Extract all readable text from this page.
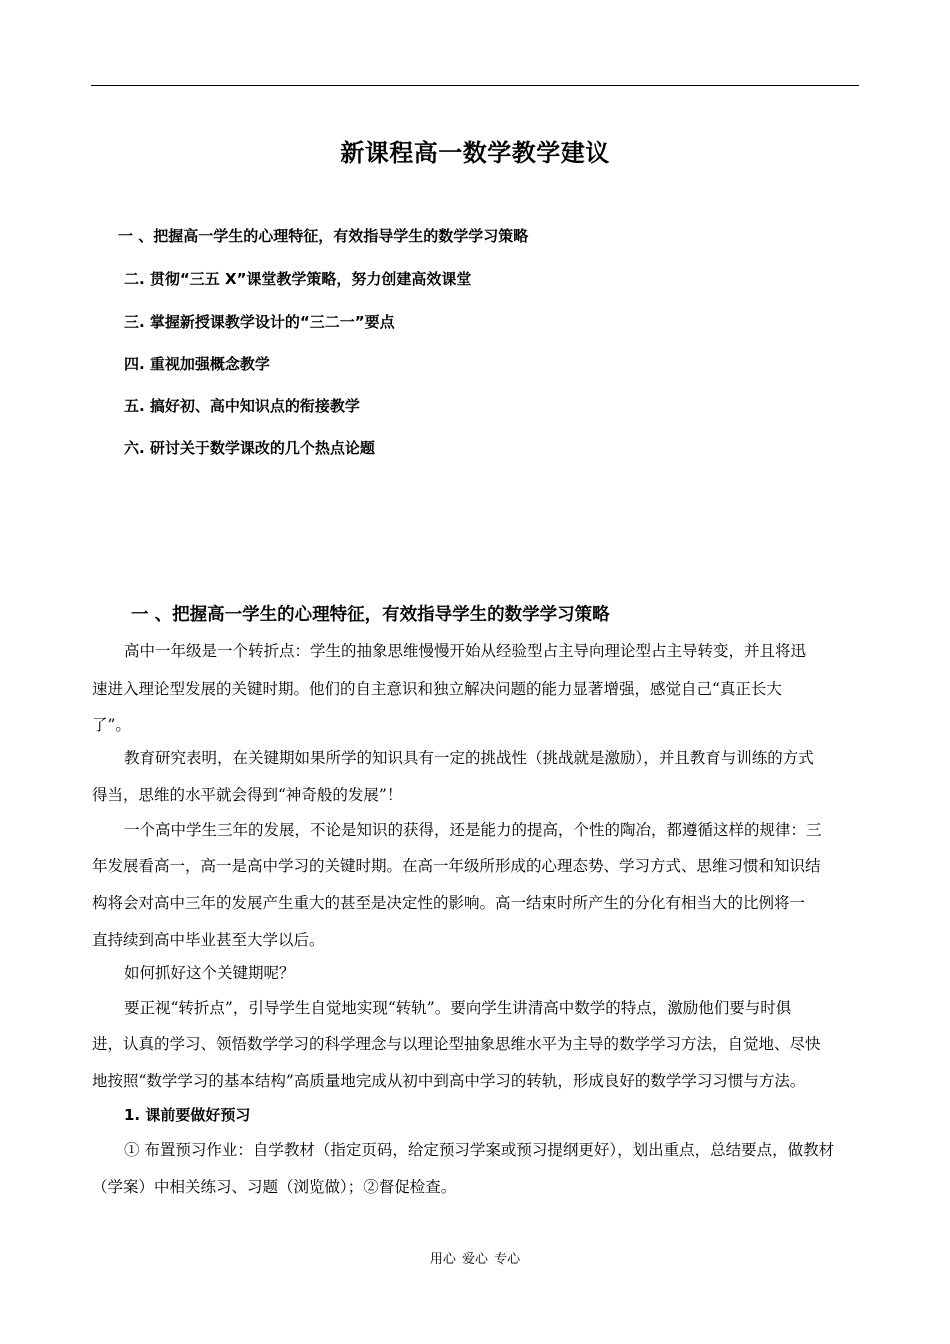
新课程高一数学教学建议
一 、把握高一学生的心理特征，有效指导学生的数学学习策略
二. 贯彻“三五 X”课堂教学策略，努力创建高效课堂
三. 掌握新授课教学设计的“三二一”要点
四. 重视加强概念教学
五. 搞好初、高中知识点的衔接教学
六. 研讨关于数学课改的几个热点论题
一 、把握高一学生的心理特征，有效指导学生的数学学习策略
高中一年级是一个转折点：学生的抽象思维慢慢开始从经验型占主导向理论型占主导转变，并且将迅
速进入理论型发展的关键时期。他们的自主意识和独立解决问题的能力显著增强，感觉自己“真正长大
了”。
教育研究表明，在关键期如果所学的知识具有一定的挑战性（挑战就是激励），并且教育与训练的方式
得当，思维的水平就会得到“神奇般的发展”！
一个高中学生三年的发展，不论是知识的获得，还是能力的提高，个性的陶冶，都遵循这样的规律：三
年发展看高一，高一是高中学习的关键时期。在高一年级所形成的心理态势、学习方式、思维习惯和知识结
构将会对高中三年的发展产生重大的甚至是决定性的影响。高一结束时所产生的分化有相当大的比例将一
直持续到高中毕业甚至大学以后。
如何抓好这个关键期呢？
要正视“转折点”，引导学生自觉地实现“转轨”。要向学生讲清高中数学的特点，激励他们要与时俱
进，认真的学习、领悟数学学习的科学理念与以理论型抽象思维水平为主导的数学学习方法，自觉地、尽快
地按照“数学学习的基本结构”高质量地完成从初中到高中学习的转轨，形成良好的数学学习习惯与方法。
1. 课前要做好预习
① 布置预习作业：自学教材（指定页码，给定预习学案或预习提纲更好），划出重点，总结要点，做教材
（学案）中相关练习、习题（浏览做）；②督促检查。
用心 爱心 专心
